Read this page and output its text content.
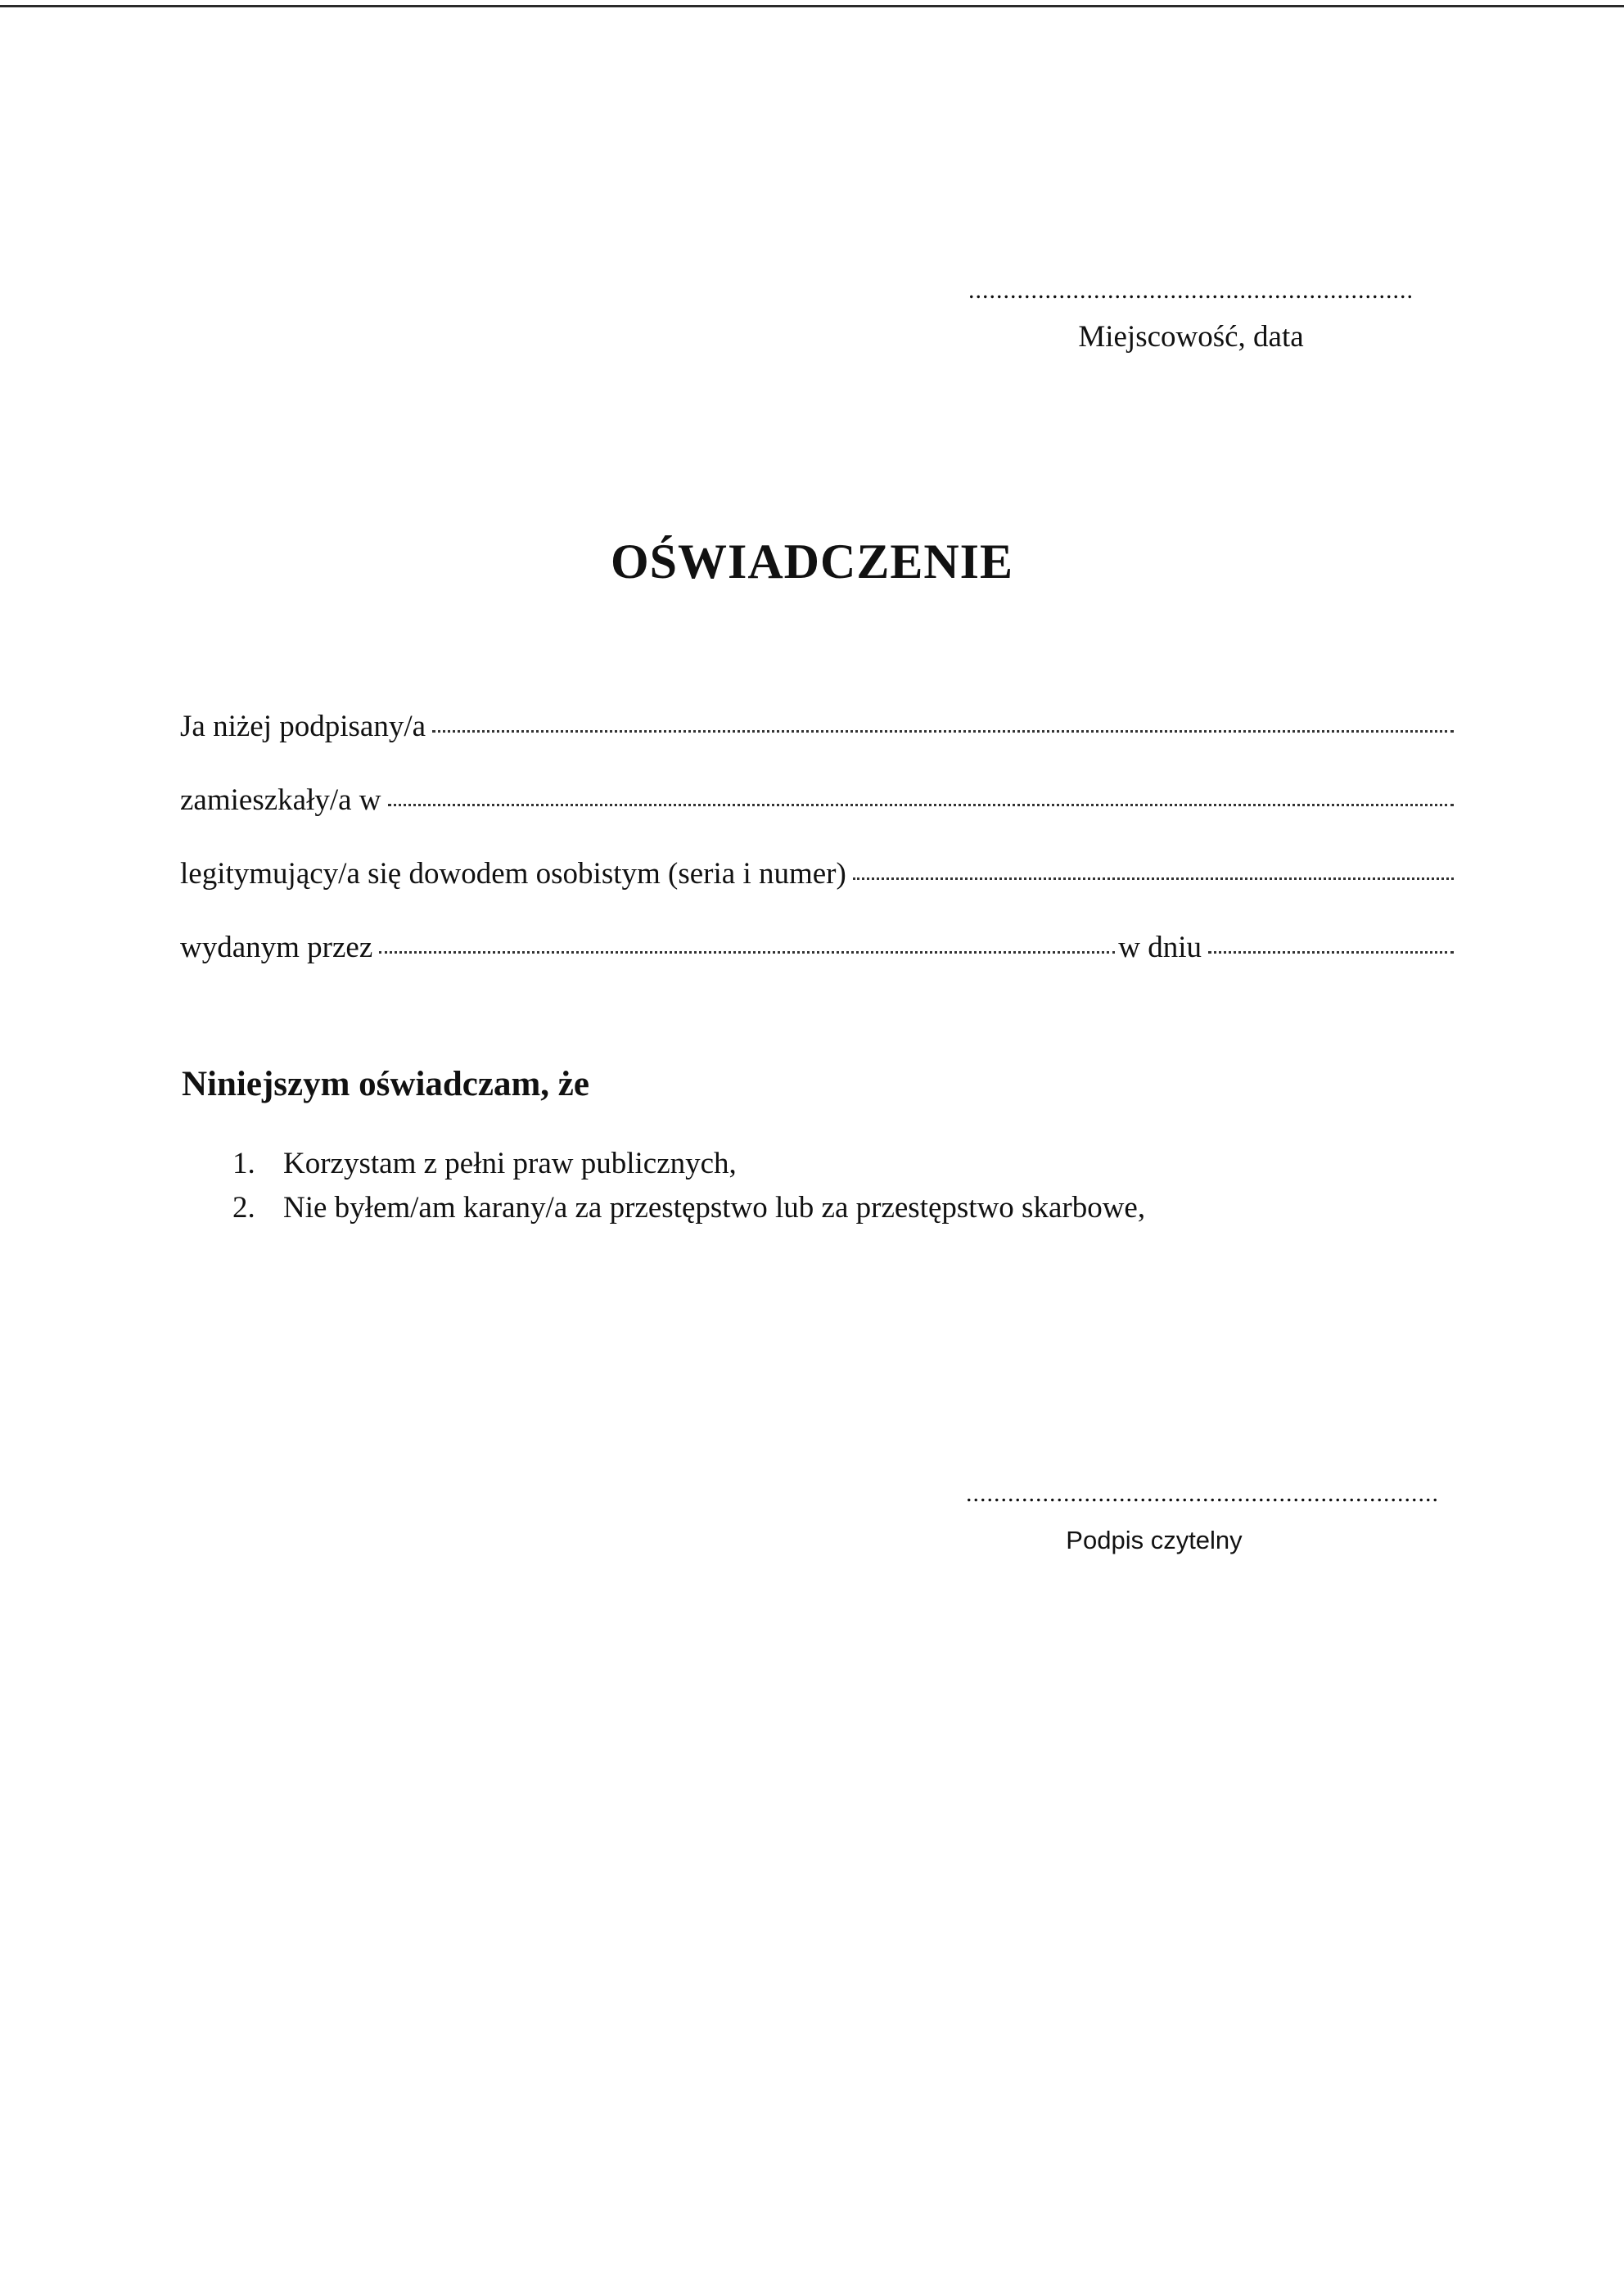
................................................................
Miejscowość, data
OŚWIADCZENIE
Ja niżej podpisany/a
zamieszkały/a w
legitymujący/a się dowodem osobistym (seria i numer)
wydanym przez	w dniu
Niniejszym oświadczam, że
1. Korzystam z pełni praw publicznych,
2. Nie byłem/am karany/a za przestępstwo lub za przestępstwo skarbowe,
....................................................................
Podpis czytelny
